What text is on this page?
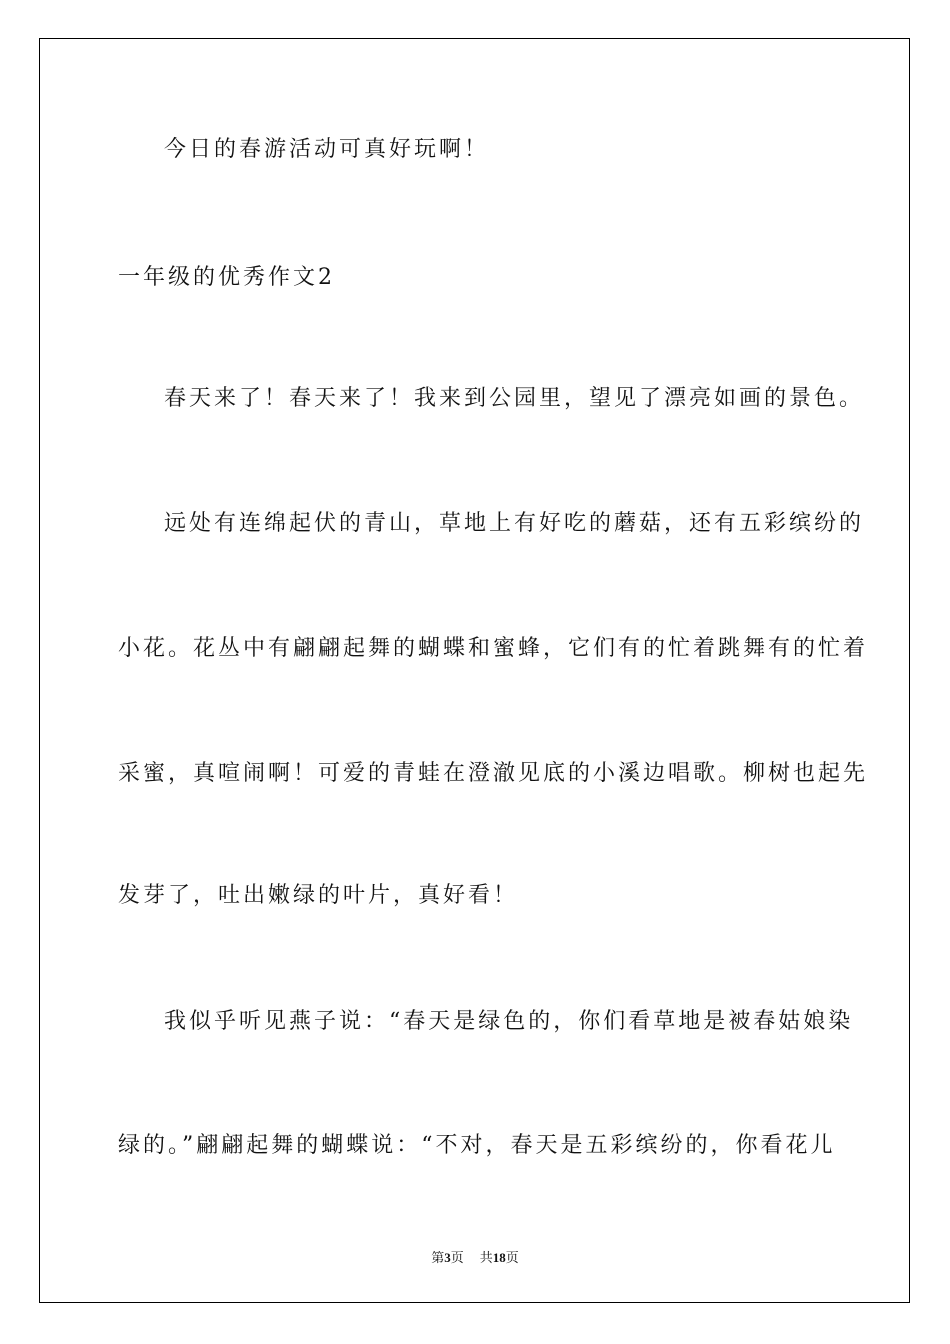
今日的春游活动可真好玩啊！
一年级的优秀作文2
春天来了！春天来了！我来到公园里，望见了漂亮如画的景色。
远处有连绵起伏的青山，草地上有好吃的蘑菇，还有五彩缤纷的
小花。花丛中有翩翩起舞的蝴蝶和蜜蜂，它们有的忙着跳舞有的忙着
采蜜，真喧闹啊！可爱的青蛙在澄澈见底的小溪边唱歌。柳树也起先
发芽了，吐出嫩绿的叶片，真好看！
我似乎听见燕子说：“春天是绿色的，你们看草地是被春姑娘染
绿的。”翩翩起舞的蝴蝶说：“不对，春天是五彩缤纷的，你看花儿
第3页 共18页
